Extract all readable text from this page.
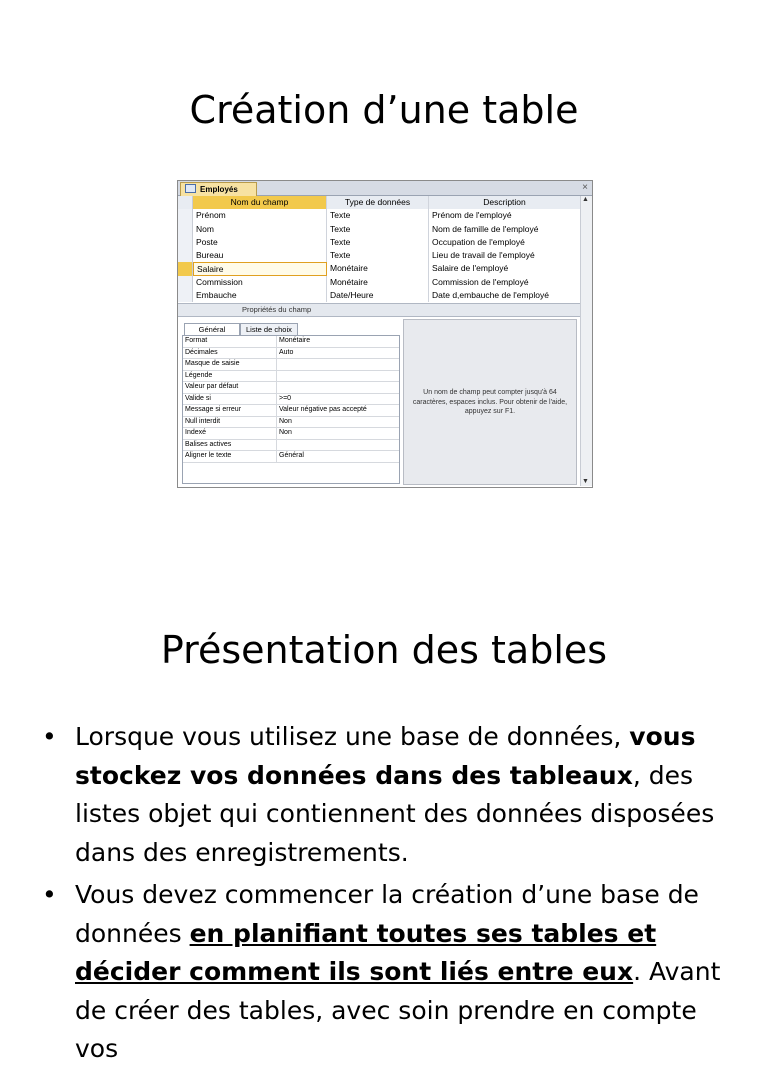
Création d’une table
Employés	×
Nom du champ	Type de données	Description
Prénom	Texte	Prénom de l'employé
Nom	Texte	Nom de famille de l'employé
Poste	Texte	Occupation de l'employé
Bureau	Texte	Lieu de travail de l'employé
Salaire	Monétaire	Salaire de l'employé
Commission	Monétaire	Commission de l'employé
Embauche	Date/Heure	Date d,embauche de l'employé
▲
▼
Propriétés du champ
Général	Liste de choix
Format	Monétaire
Décimales	Auto
Masque de saisie
Légende
Valeur par défaut
Valide si	>=0
Message si erreur	Valeur négative pas accepté
Null interdit	Non
Indexé	Non
Balises actives
Aligner le texte	Général

Un nom de champ peut compter jusqu'à 64 caractères, espaces inclus. Pour obtenir de l'aide, appuyez sur F1.

Présentation des tables
• Lorsque vous utilisez une base de données, vous stockez vos données dans des tableaux, des listes objet qui contiennent des données disposées dans des enregistrements.
• Vous devez commencer la création d’une base de données en planifiant toutes ses tables et décider comment ils sont liés entre eux. Avant de créer des tables, avec soin prendre en compte vos
